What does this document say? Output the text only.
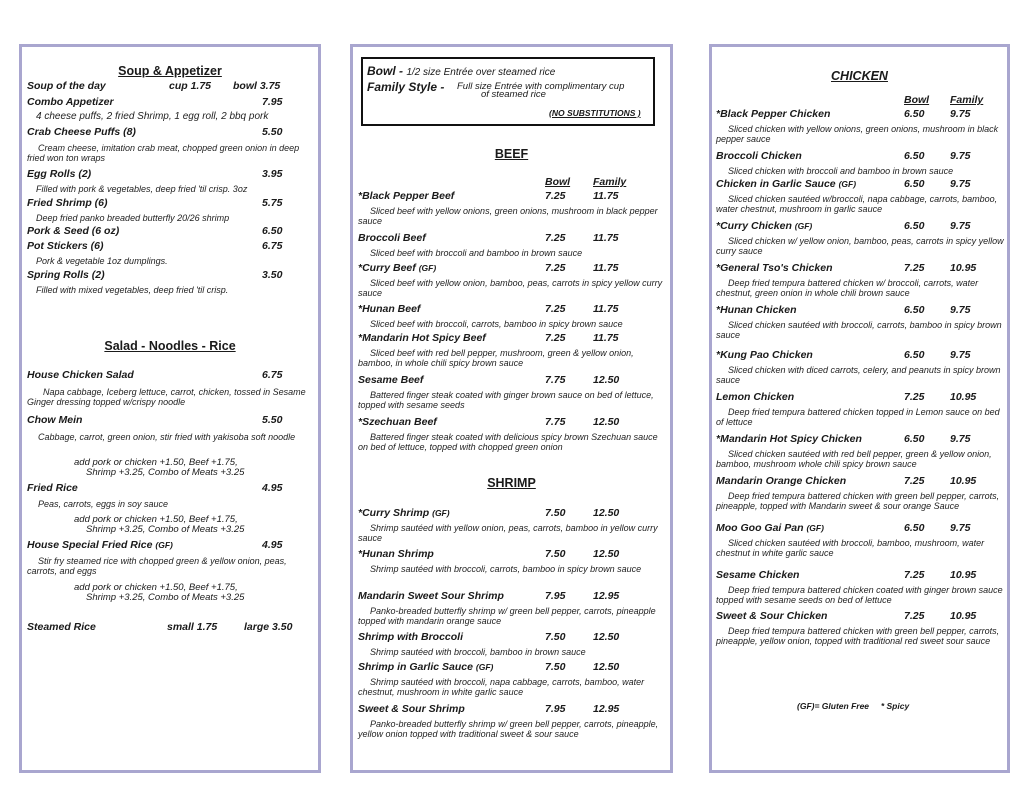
Soup & Appetizer
Soup of the day	cup 1.75 bowl 3.75
Combo Appetizer	7.95
4 cheese puffs, 2 fried Shrimp, 1 egg roll, 2 bbq pork
Crab Cheese Puffs (8)	5.50
Cream cheese, imitation crab meat, chopped green onion in deep fried won ton wraps
Egg Rolls (2)	3.95
Filled with pork & vegetables, deep fried 'til crisp. 3oz
Fried Shrimp (6)	5.75
Deep fried panko breaded butterfly 20/26 shrimp
Pork & Seed (6 oz)	6.50
Pot Stickers (6)	6.75
Pork & vegetable 1oz dumplings.
Spring Rolls (2)	3.50
Filled with mixed vegetables, deep fried 'til crisp.
Salad - Noodles - Rice
House Chicken Salad	6.75
Napa cabbage, Iceberg lettuce, carrot, chicken, tossed in Sesame Ginger dressing topped w/crispy noodle
Chow Mein	5.50
Cabbage, carrot, green onion, stir fried with yakisoba soft noodle
add pork or chicken +1.50, Beef +1.75,
Shrimp +3.25, Combo of Meats +3.25
Fried Rice	4.95
Peas, carrots, eggs in soy sauce
add pork or chicken +1.50, Beef +1.75,
Shrimp +3.25, Combo of Meats +3.25
House Special Fried Rice (GF)	4.95
Stir fry steamed rice with chopped green & yellow onion, peas, carrots, and eggs
add pork or chicken +1.50, Beef +1.75,
Shrimp +3.25, Combo of Meats +3.25
Steamed Rice	small 1.75	large 3.50
Bowl - 1/2 size Entrée over steamed rice
Family Style - Full size Entrée with complimentary cup
of steamed rice
(NO SUBSTITUTIONS )
BEEF
Bowl Family
*Black Pepper Beef	7.25	11.75
Sliced beef with yellow onions, green onions, mushroom in black pepper sauce
Broccoli Beef	7.25	11.75
Sliced beef with broccoli and bamboo in brown sauce
*Curry Beef (GF)	7.25	11.75
Sliced beef with yellow onion, bamboo, peas, carrots in spicy yellow curry sauce
*Hunan Beef	7.25	11.75
Sliced beef with broccoli, carrots, bamboo in spicy brown sauce
*Mandarin Hot Spicy Beef	7.25	11.75
Sliced beef with red bell pepper, mushroom, green & yellow onion, bamboo, in whole chili spicy brown sauce
Sesame Beef	7.75	12.50
Battered finger steak coated with ginger brown sauce on bed of lettuce, topped with sesame seeds
*Szechuan Beef	7.75	12.50
Battered finger steak coated with delicious spicy brown Szechuan sauce on bed of lettuce, topped with chopped green onion
SHRIMP
*Curry Shrimp (GF)	7.50	12.50
Shrimp sautéed with yellow onion, peas, carrots, bamboo in yellow curry sauce
*Hunan Shrimp	7.50	12.50
Shrimp sautéed with broccoli, carrots, bamboo in spicy brown sauce
Mandarin Sweet Sour Shrimp	7.95	12.95
Panko-breaded butterfly shrimp w/ green bell pepper, carrots, pineapple topped with mandarin orange sauce
Shrimp with Broccoli	7.50	12.50
Shrimp sautéed with broccoli, bamboo in brown sauce
Shrimp in Garlic Sauce (GF)	7.50	12.50
Shrimp sautéed with broccoli, napa cabbage, carrots, bamboo, water chestnut, mushroom in white garlic sauce
Sweet & Sour Shrimp	7.95	12.95
Panko-breaded butterfly shrimp w/ green bell pepper, carrots, pineapple, yellow onion topped with traditional sweet & sour sauce
CHICKEN
Bowl Family
*Black Pepper Chicken	6.50 9.75
Sliced chicken with yellow onions, green onions, mushroom in black pepper sauce
Broccoli Chicken	6.50 9.75
Sliced chicken with broccoli and bamboo in brown sauce
Chicken in Garlic Sauce (GF)	6.50 9.75
Sliced chicken sautéed w/broccoli, napa cabbage, carrots, bamboo, water chestnut, mushroom in garlic sauce
*Curry Chicken (GF)	6.50 9.75
Sliced chicken w/ yellow onion, bamboo, peas, carrots in spicy yellow curry sauce
*General Tso's Chicken	7.25 10.95
Deep fried tempura battered chicken w/ broccoli, carrots, water chestnut, green onion in whole chili brown sauce
*Hunan Chicken	6.50 9.75
Sliced chicken sautéed with broccoli, carrots, bamboo in spicy brown sauce
*Kung Pao Chicken	6.50 9.75
Sliced chicken with diced carrots, celery, and peanuts in spicy brown sauce
Lemon Chicken	7.25 10.95
Deep fried tempura battered chicken topped in Lemon sauce on bed of lettuce
*Mandarin Hot Spicy Chicken	6.50 9.75
Sliced chicken sautéed with red bell pepper, green & yellow onion, bamboo, mushroom whole chili spicy brown sauce
Mandarin Orange Chicken	7.25 10.95
Deep fried tempura battered chicken with green bell pepper, carrots, pineapple, topped with Mandarin sweet & sour orange Sauce
Moo Goo Gai Pan (GF)	6.50 9.75
Sliced chicken sautéed with broccoli, bamboo, mushroom, water chestnut in white garlic sauce
Sesame Chicken	7.25 10.95
Deep fried tempura battered chicken coated with ginger brown sauce topped with sesame seeds on bed of lettuce
Sweet & Sour Chicken	7.25 10.95
Deep fried tempura battered chicken with green bell pepper, carrots, pineapple, yellow onion, topped with traditional red sweet sour sauce
(GF)= Gluten Free     * Spicy
